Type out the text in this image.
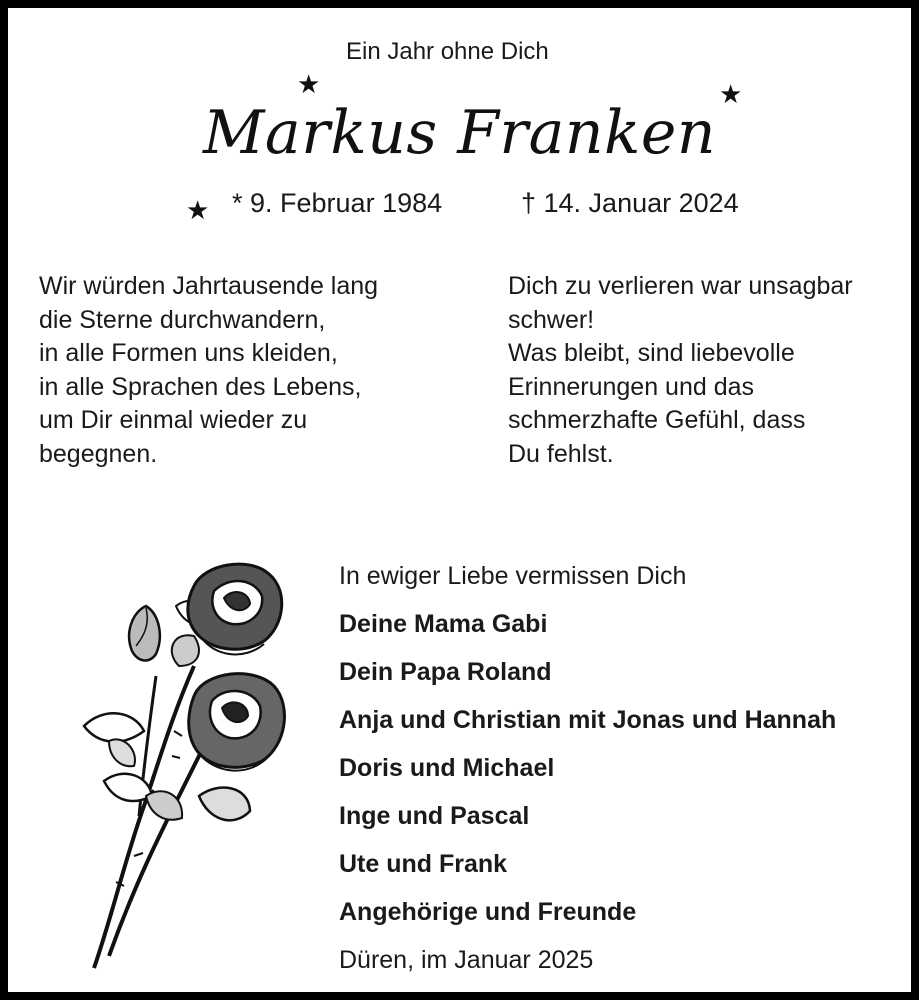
Ein Jahr ohne Dich
★	★
★
Markus Franken
* 9. Februar 1984	† 14. Januar 2024
Wir würden Jahrtausende lang
die Sterne durchwandern,
in alle Formen uns kleiden,
in alle Sprachen des Lebens,
um Dir einmal wieder zu
begegnen.
Dich zu verlieren war unsagbar
schwer!
Was bleibt, sind liebevolle
Erinnerungen und das
schmerzhafte Gefühl, dass
Du fehlst.
In ewiger Liebe vermissen Dich
Deine Mama Gabi
Dein Papa Roland
Anja und Christian mit Jonas und Hannah
Doris und Michael
Inge und Pascal
Ute und Frank
Angehörige und Freunde
Düren, im Januar 2025
